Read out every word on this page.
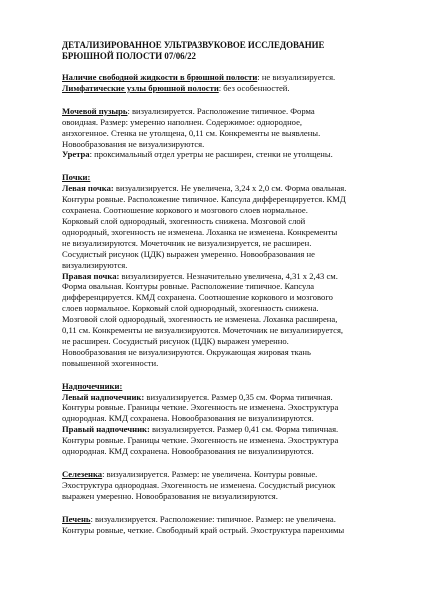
ДЕТАЛИЗИРОВАННОЕ УЛЬТРАЗВУКОВОЕ ИССЛЕДОВАНИЕ
БРЮШНОЙ ПОЛОСТИ 07/06/22
Наличие свободной жидкости в брюшной полости: не визуализируется.
Лимфатические узлы брюшной полости: без особенностей.
Мочевой пузырь: визуализируется. Расположение типичное. Форма
овоидная. Размер: умеренно наполнен. Содержимое: однородное,
анэхогенное. Стенка не утолщена, 0,11 см. Конкременты не выявлены.
Новообразования не визуализируются.
Уретра: проксимальный отдел уретры не расширен, стенки не утолщены.
Почки:
Левая почка: визуализируется. Не увеличена, 3,24 х 2,0 см. Форма овальная.
Контуры ровные. Расположение типичное. Капсула дифференцируется. КМД
сохранена. Соотношение коркового и мозгового слоев нормальное.
Корковый слой однородный, эхогенность снижена. Мозговой слой
однородный, эхогенность не изменена. Лоханка не изменена. Конкременты
не визуализируются. Мочеточник не визуализируется, не расширен.
Сосудистый рисунок (ЦДК) выражен умеренно. Новообразования не
визуализируются.
Правая почка: визуализируется. Незначительно увеличена, 4,31 х 2,43 см.
Форма овальная. Контуры ровные. Расположение типичное. Капсула
дифференцируется. КМД сохранена. Соотношение коркового и мозгового
слоев нормальное. Корковый слой однородный, эхогенность снижена.
Мозговой слой однородный, эхогенность не изменена. Лоханка расширена,
0,11 см. Конкременты не визуализируются. Мочеточник не визуализируется,
не расширен. Сосудистый рисунок (ЦДК) выражен умеренно.
Новообразования не визуализируются. Окружающая жировая ткань
повышенной эхогенности.
Надпочечники:
Левый надпочечник: визуализируется. Размер 0,35 см. Форма типичная.
Контуры ровные. Границы четкие. Эхогенность не изменена. Эхоструктура
однородная. КМД сохранена. Новообразования не визуализируются.
Правый надпочечник: визуализируется. Размер 0,41 см. Форма типичная.
Контуры ровные. Границы четкие. Эхогенность не изменена. Эхоструктура
однородная. КМД сохранена. Новообразования не визуализируются.
Селезенка: визуализируется. Размер: не увеличена. Контуры ровные.
Эхоструктура однородная. Эхогенность не изменена. Сосудистый рисунок
выражен умеренно. Новообразования не визуализируются.
Печень: визуализируется. Расположение: типичное. Размер: не увеличена.
Контуры ровные, четкие. Свободный край острый. Эхоструктура паренхимы
